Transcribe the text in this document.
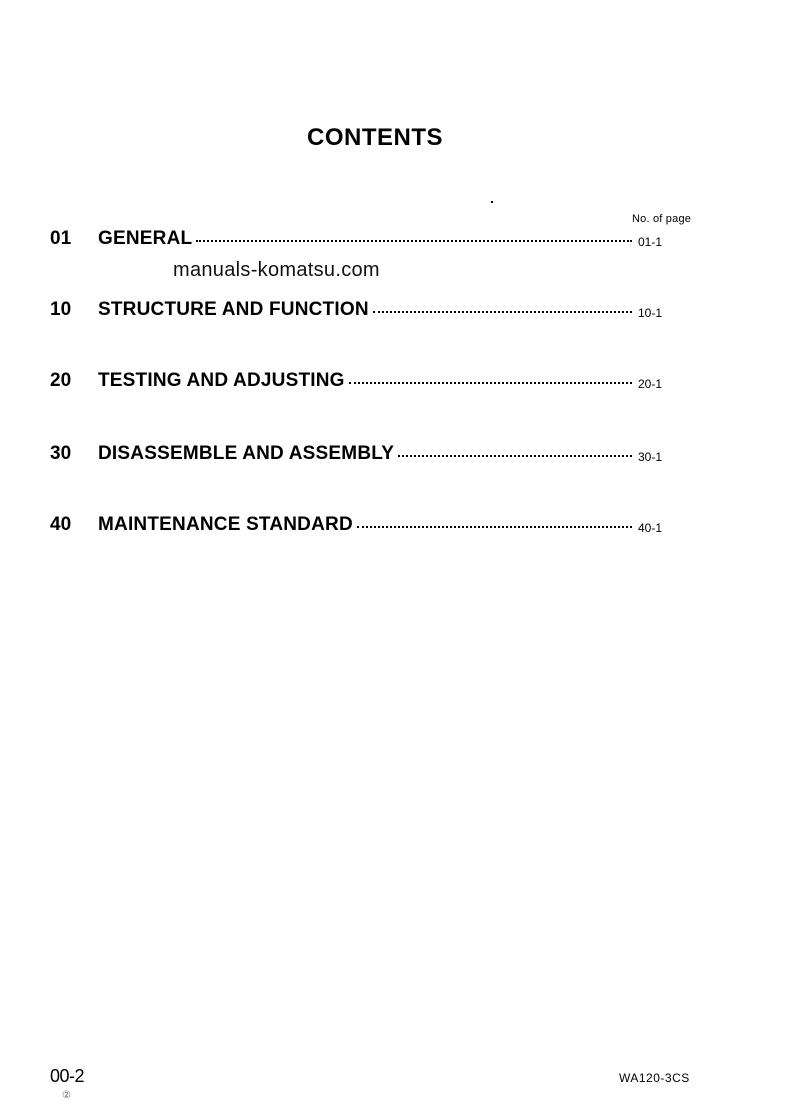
CONTENTS
No. of page
01	GENERAL	01-1
manuals-komatsu.com
10	STRUCTURE AND FUNCTION	10-1
20	TESTING AND ADJUSTING	20-1
30	DISASSEMBLE AND ASSEMBLY	30-1
40	MAINTENANCE STANDARD	40-1
00-2
②
WA120-3CS
